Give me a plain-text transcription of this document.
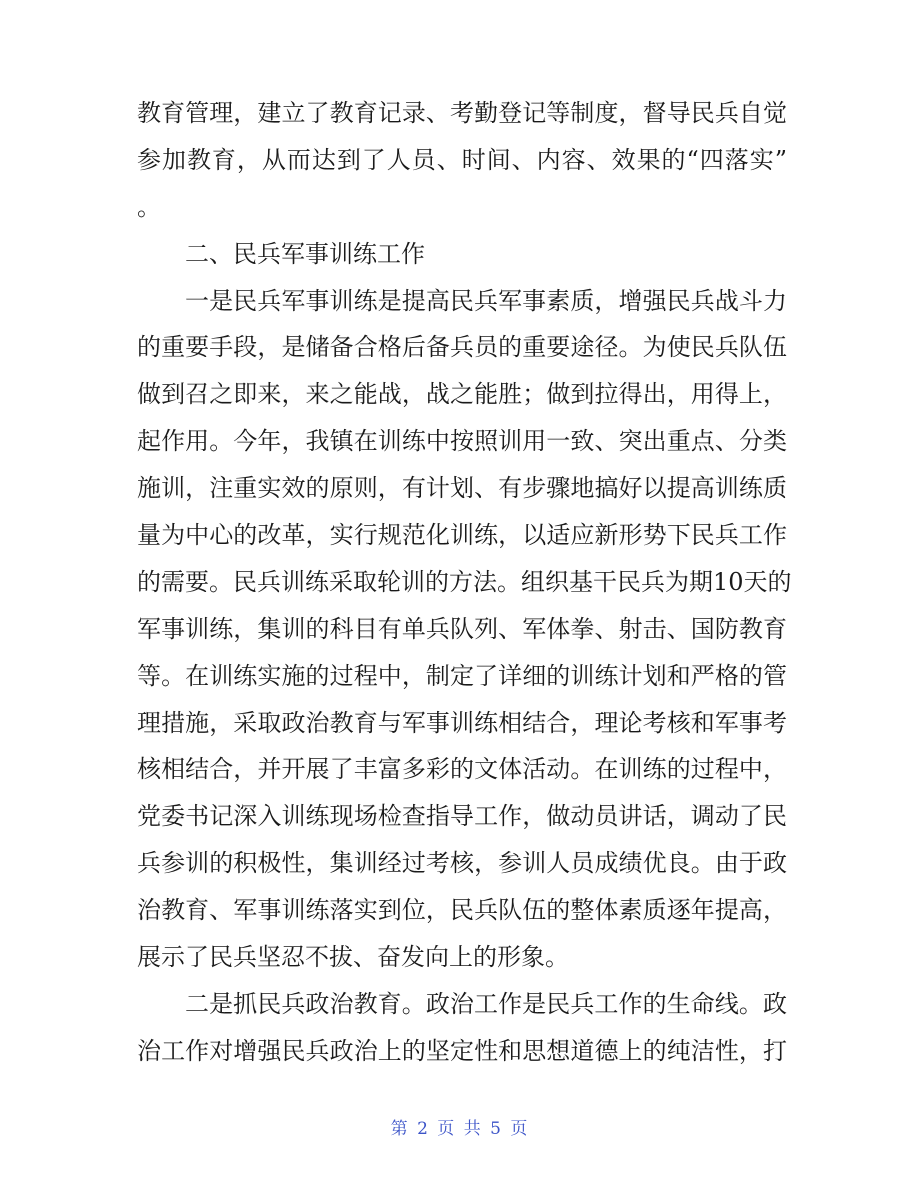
教育管理，建立了教育记录、考勤登记等制度，督导民兵自觉
参加教育，从而达到了人员、时间、内容、效果的“四落实”
。
二、民兵军事训练工作
一是民兵军事训练是提高民兵军事素质，增强民兵战斗力
的重要手段，是储备合格后备兵员的重要途径。为使民兵队伍
做到召之即来，来之能战，战之能胜；做到拉得出，用得上，
起作用。今年，我镇在训练中按照训用一致、突出重点、分类
施训，注重实效的原则，有计划、有步骤地搞好以提高训练质
量为中心的改革，实行规范化训练，以适应新形势下民兵工作
的需要。民兵训练采取轮训的方法。组织基干民兵为期10天的
军事训练，集训的科目有单兵队列、军体拳、射击、国防教育
等。在训练实施的过程中，制定了详细的训练计划和严格的管
理措施，采取政治教育与军事训练相结合，理论考核和军事考
核相结合，并开展了丰富多彩的文体活动。在训练的过程中，
党委书记深入训练现场检查指导工作，做动员讲话，调动了民
兵参训的积极性，集训经过考核，参训人员成绩优良。由于政
治教育、军事训练落实到位，民兵队伍的整体素质逐年提高，
展示了民兵坚忍不拔、奋发向上的形象。
二是抓民兵政治教育。政治工作是民兵工作的生命线。政
治工作对增强民兵政治上的坚定性和思想道德上的纯洁性，打
第 2 页 共 5 页
